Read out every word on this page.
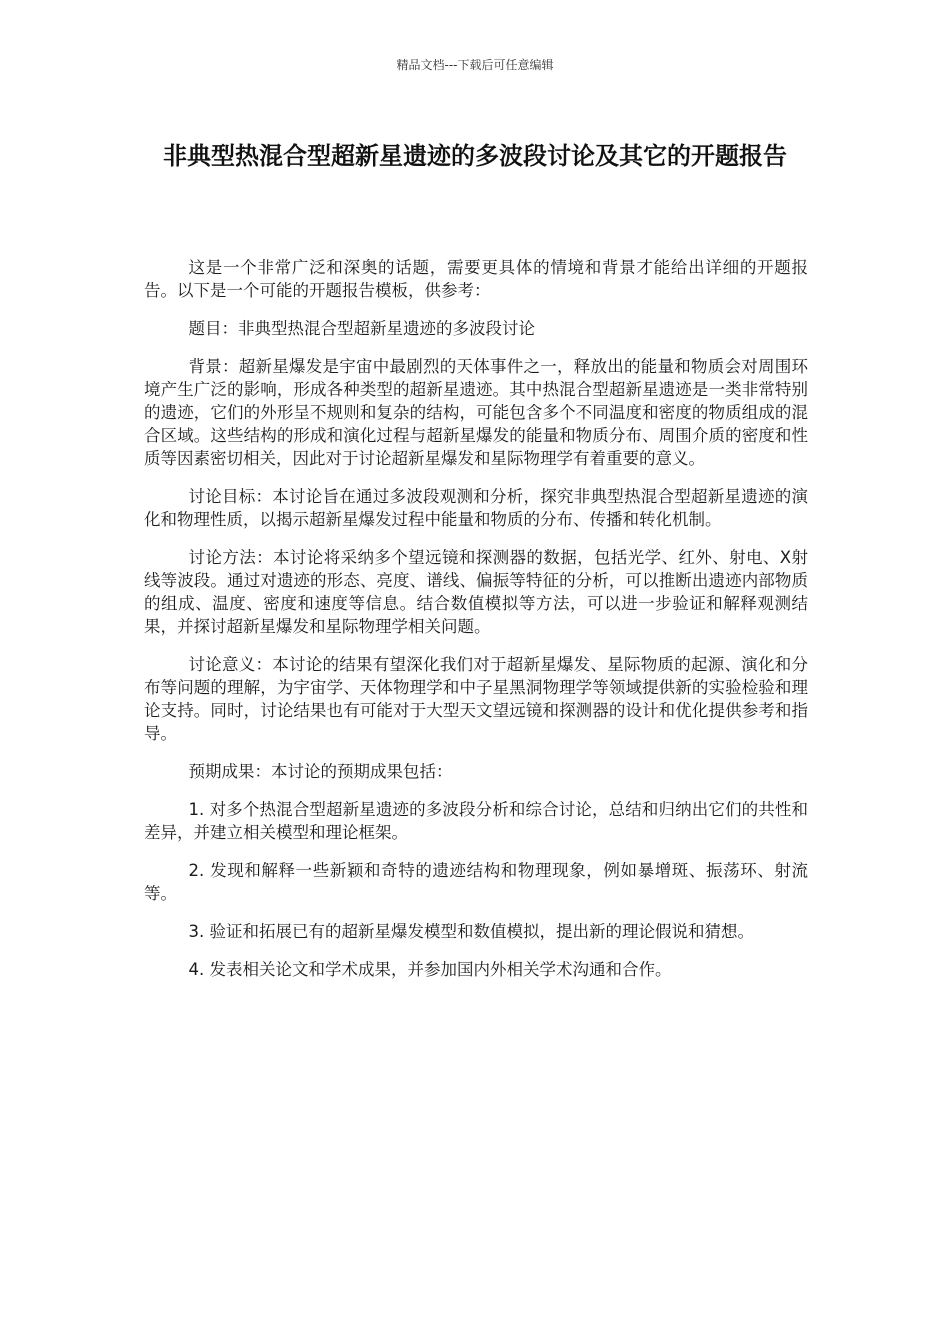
精品文档---下载后可任意编辑
非典型热混合型超新星遗迹的多波段讨论及其它的开题报告

这是一个非常广泛和深奥的话题，需要更具体的情境和背景才能给出详细的开题报告。以下是一个可能的开题报告模板，供参考：

题目：非典型热混合型超新星遗迹的多波段讨论

背景：超新星爆发是宇宙中最剧烈的天体事件之一，释放出的能量和物质会对周围环境产生广泛的影响，形成各种类型的超新星遗迹。其中热混合型超新星遗迹是一类非常特别的遗迹，它们的外形呈不规则和复杂的结构，可能包含多个不同温度和密度的物质组成的混合区域。这些结构的形成和演化过程与超新星爆发的能量和物质分布、周围介质的密度和性质等因素密切相关，因此对于讨论超新星爆发和星际物理学有着重要的意义。

讨论目标：本讨论旨在通过多波段观测和分析，探究非典型热混合型超新星遗迹的演化和物理性质，以揭示超新星爆发过程中能量和物质的分布、传播和转化机制。

讨论方法：本讨论将采纳多个望远镜和探测器的数据，包括光学、红外、射电、X射线等波段。通过对遗迹的形态、亮度、谱线、偏振等特征的分析，可以推断出遗迹内部物质的组成、温度、密度和速度等信息。结合数值模拟等方法，可以进一步验证和解释观测结果，并探讨超新星爆发和星际物理学相关问题。

讨论意义：本讨论的结果有望深化我们对于超新星爆发、星际物质的起源、演化和分布等问题的理解，为宇宙学、天体物理学和中子星黑洞物理学等领域提供新的实验检验和理论支持。同时，讨论结果也有可能对于大型天文望远镜和探测器的设计和优化提供参考和指导。

预期成果：本讨论的预期成果包括：

1. 对多个热混合型超新星遗迹的多波段分析和综合讨论，总结和归纳出它们的共性和差异，并建立相关模型和理论框架。

2. 发现和解释一些新颖和奇特的遗迹结构和物理现象，例如暴增斑、振荡环、射流等。

3. 验证和拓展已有的超新星爆发模型和数值模拟，提出新的理论假说和猜想。

4. 发表相关论文和学术成果，并参加国内外相关学术沟通和合作。
